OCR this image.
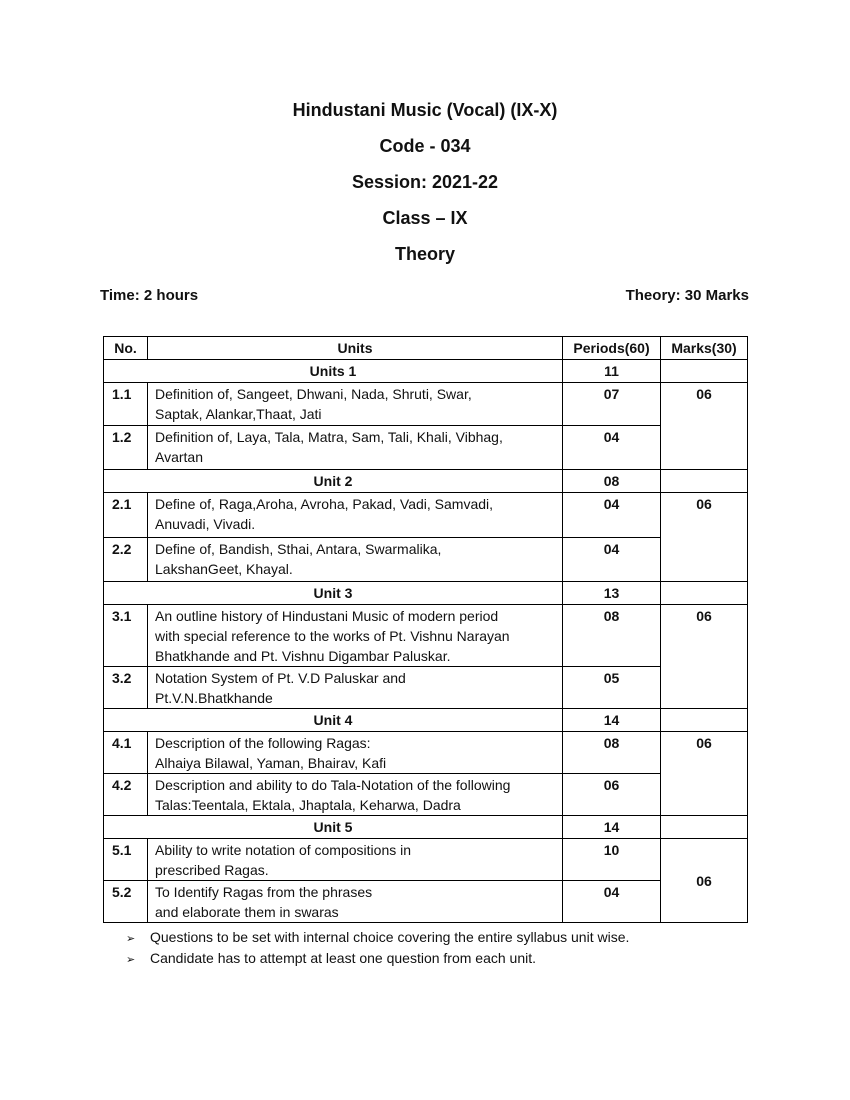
Hindustani Music (Vocal) (IX-X)
Code - 034
Session: 2021-22
Class – IX
Theory
Time: 2 hours	Theory: 30 Marks
No.	Units	Periods(60)	Marks(30)
Units 1		11	
1.1	Definition of, Sangeet, Dhwani, Nada, Shruti, Swar,
Saptak, Alankar,Thaat, Jati	07	06
1.2	Definition of, Laya, Tala, Matra, Sam, Tali, Khali, Vibhag,
Avartan	04	
Unit 2		08	
2.1	Define of, Raga,Aroha, Avroha, Pakad, Vadi, Samvadi,
Anuvadi, Vivadi.	04	06
2.2	Define of, Bandish, Sthai, Antara, Swarmalika,
LakshanGeet, Khayal.	04	
Unit 3		13	
3.1	An outline history of Hindustani Music of modern period
with special reference to the works of Pt. Vishnu Narayan
Bhatkhande and Pt. Vishnu Digambar Paluskar.	08	06
3.2	Notation System of Pt. V.D Paluskar and
Pt.V.N.Bhatkhande	05	
Unit 4		14	
4.1	Description of the following Ragas:
Alhaiya Bilawal, Yaman, Bhairav, Kafi	08	06
4.2	Description and ability to do Tala-Notation of the following
Talas:Teentala, Ektala, Jhaptala, Keharwa, Dadra	06	
Unit 5		14	
5.1	Ability to write notation of compositions in
prescribed Ragas.	10	06
5.2	To Identify Ragas from the phrases
and elaborate them in swaras	04	
➢ Questions to be set with internal choice covering the entire syllabus unit wise.
➢ Candidate has to attempt at least one question from each unit.
